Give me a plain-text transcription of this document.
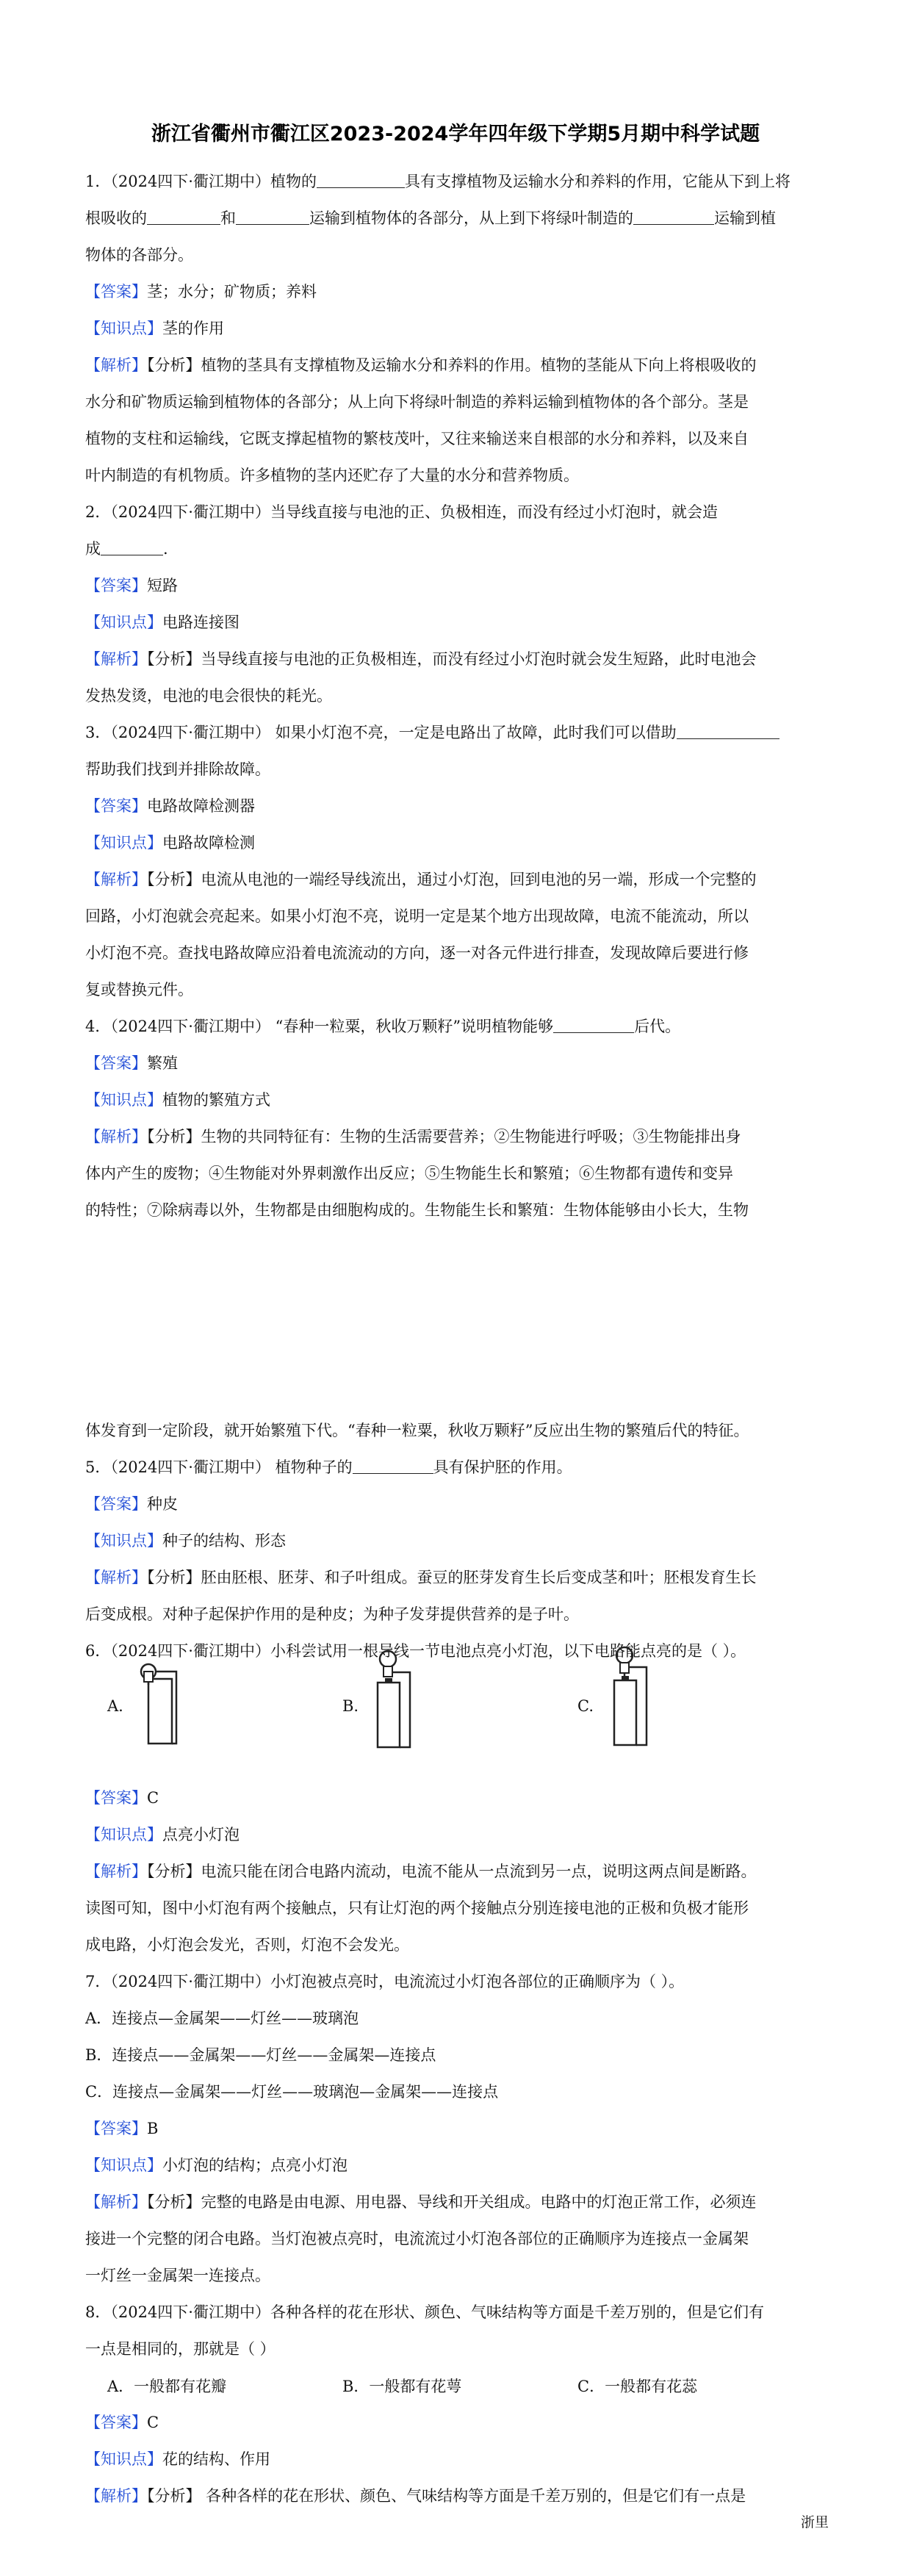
浙江省衢州市衢江区2023-2024学年四年级下学期5月期中科学试题
1．（2024四下·衢江期中）植物的	具有支撑植物及运输水分和养料的作用，它能从下到上将
根吸收的	和	运输到植物体的各部分，从上到下将绿叶制造的	运输到植
物体的各部分。
【答案】茎；水分；矿物质；养料
【知识点】茎的作用
【解析】【分析】植物的茎具有支撑植物及运输水分和养料的作用。植物的茎能从下向上将根吸收的
水分和矿物质运输到植物体的各部分；从上向下将绿叶制造的养料运输到植物体的各个部分。茎是
植物的支柱和运输线，它既支撑起植物的繁枝茂叶，又往来输送来自根部的水分和养料，以及来自
叶内制造的有机物质。许多植物的茎内还贮存了大量的水分和营养物质。
2．（2024四下·衢江期中）当导线直接与电池的正、负极相连，而没有经过小灯泡时，就会造
成	.
【答案】短路
【知识点】电路连接图
【解析】【分析】当导线直接与电池的正负极相连，而没有经过小灯泡时就会发生短路，此时电池会
发热发烫，电池的电会很快的耗光。
3．（2024四下·衢江期中） 如果小灯泡不亮，一定是电路出了故障，此时我们可以借助
帮助我们找到并排除故障。
【答案】电路故障检测器
【知识点】电路故障检测
【解析】【分析】电流从电池的一端经导线流出，通过小灯泡，回到电池的另一端，形成一个完整的
回路，小灯泡就会亮起来。如果小灯泡不亮，说明一定是某个地方出现故障，电流不能流动，所以
小灯泡不亮。查找电路故障应沿着电流流动的方向，逐一对各元件进行排查，发现故障后要进行修
复或替换元件。
4．（2024四下·衢江期中） “春种一粒粟，秋收万颗籽”说明植物能够	后代。
【答案】繁殖
【知识点】植物的繁殖方式
【解析】【分析】生物的共同特征有：生物的生活需要营养；②生物能进行呼吸；③生物能排出身
体内产生的废物；④生物能对外界刺激作出反应；⑤生物能生长和繁殖；⑥生物都有遗传和变异
的特性；⑦除病毒以外，生物都是由细胞构成的。生物能生长和繁殖：生物体能够由小长大，生物
体发育到一定阶段，就开始繁殖下代。“春种一粒粟，秋收万颗籽”反应出生物的繁殖后代的特征。
5．（2024四下·衢江期中） 植物种子的	具有保护胚的作用。
【答案】种皮
【知识点】种子的结构、形态
【解析】【分析】胚由胚根、胚芽、和子叶组成。蚕豆的胚芽发育生长后变成茎和叶；胚根发育生长
后变成根。对种子起保护作用的是种皮；为种子发芽提供营养的是子叶。
6．（2024四下·衢江期中）小科尝试用一根导线一节电池点亮小灯泡，以下电路能点亮的是（ ）。
【答案】C
【知识点】点亮小灯泡
【解析】【分析】电流只能在闭合电路内流动，电流不能从一点流到另一点，说明这两点间是断路。
读图可知，图中小灯泡有两个接触点，只有让灯泡的两个接触点分别连接电池的正极和负极才能形
成电路，小灯泡会发光，否则，灯泡不会发光。
7．（2024四下·衢江期中）小灯泡被点亮时，电流流过小灯泡各部位的正确顺序为（ ）。
A．连接点—金属架——灯丝——玻璃泡
B．连接点——金属架——灯丝——金属架—连接点
C．连接点—金属架——灯丝——玻璃泡—金属架——连接点
【答案】B
【知识点】小灯泡的结构；点亮小灯泡
【解析】【分析】完整的电路是由电源、用电器、导线和开关组成。电路中的灯泡正常工作，必须连
接进一个完整的闭合电路。当灯泡被点亮时，电流流过小灯泡各部位的正确顺序为连接点一金属架
一灯丝一金属架一连接点。
8．（2024四下·衢江期中）各种各样的花在形状、颜色、气味结构等方面是千差万别的，但是它们有
一点是相同的，那就是（ ）
【答案】C
【知识点】花的结构、作用
【解析】【分析】 各种各样的花在形状、颜色、气味结构等方面是千差万别的，但是它们有一点是
A.	B.	C.
A．一般都有花瓣	B．一般都有花萼	C．一般都有花蕊
浙里
